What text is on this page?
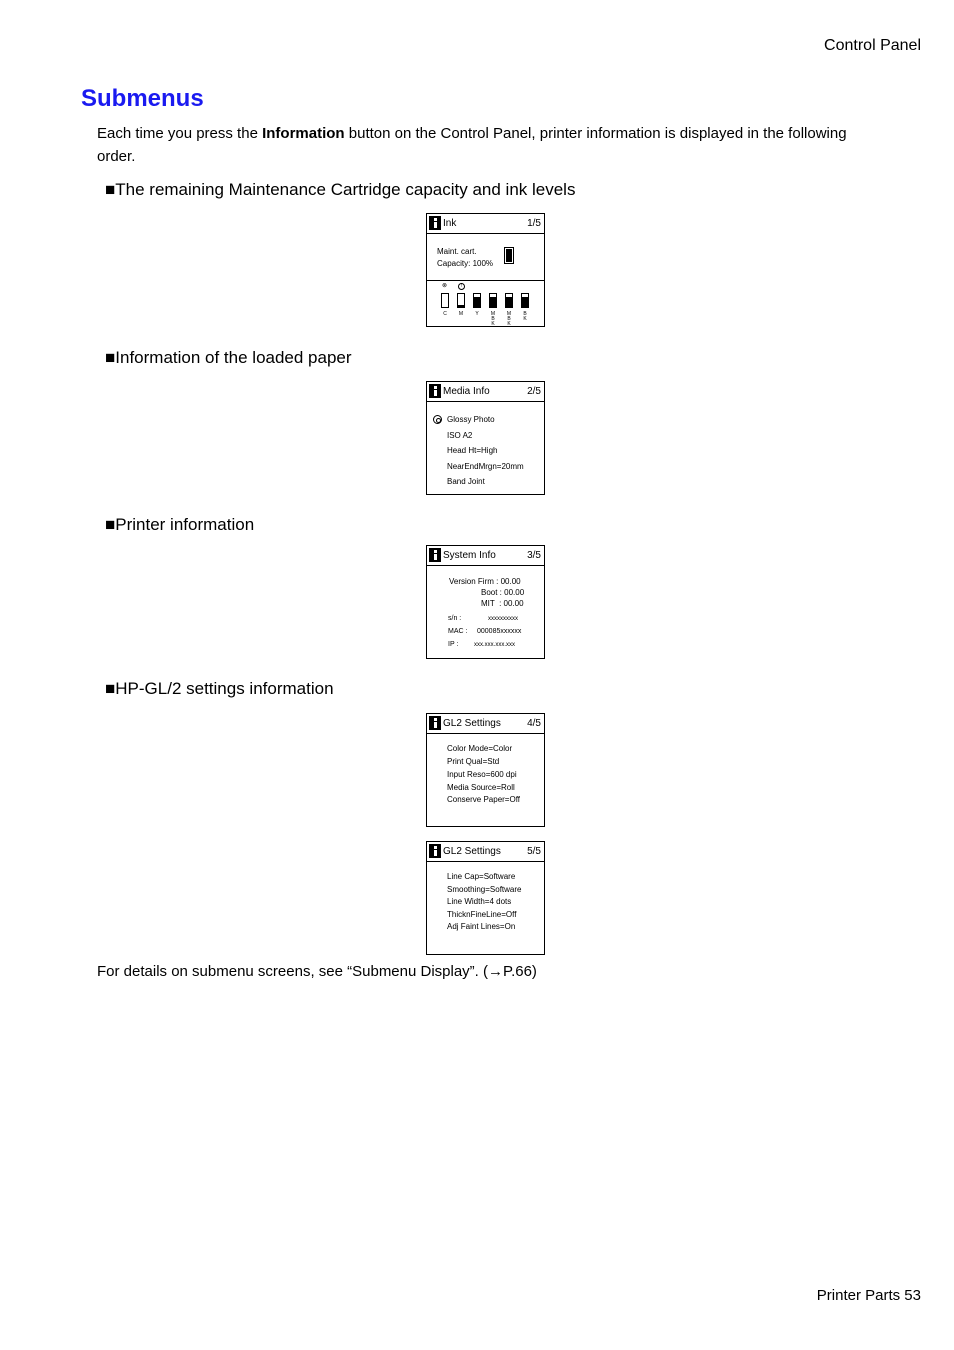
Control Panel
Submenus
Each time you press the Information button on the Control Panel, printer information is displayed in the following order.
■The remaining Maintenance Cartridge capacity and ink levels
Ink	1/5
Maint. cart.
Capacity: 100%
⊗	!
C	M	Y	M
B
K
M
B
K
B
K
■Information of the loaded paper
Media Info	2/5
Glossy Photo
ISO A2
Head Ht=High
NearEndMrgn=20mm
Band Joint
■Printer information
System Info	3/5
Version Firm : 00.00
Boot : 00.00
MIT  : 00.00
s/n :	xxxxxxxxxx
MAC : 000085xxxxxx
IP :	xxx.xxx.xxx.xxx
■HP-GL/2 settings information
GL2 Settings	4/5
Color Mode=Color
Print Qual=Std
Input Reso=600 dpi
Media Source=Roll
Conserve Paper=Off
GL2 Settings	5/5
Line Cap=Software
Smoothing=Software
Line Width=4 dots
ThicknFineLine=Off
Adj Faint Lines=On
For details on submenu screens, see “Submenu Display”. (→P.66)
Printer Parts 53
